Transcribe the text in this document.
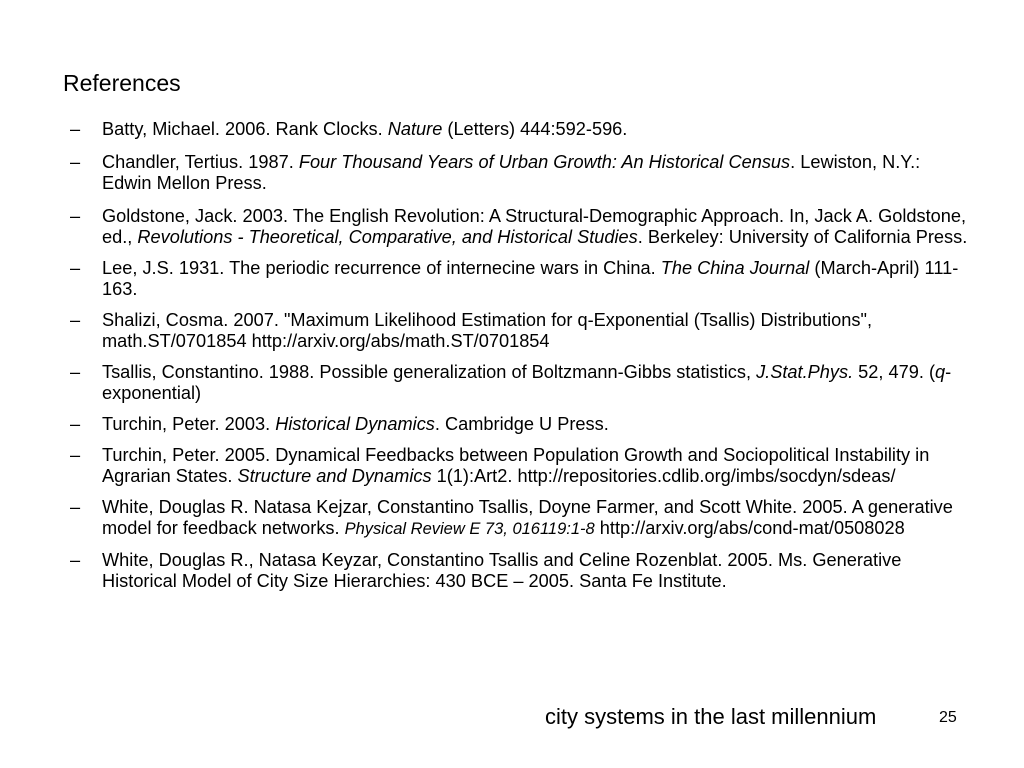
References
– Batty, Michael. 2006. Rank Clocks. Nature (Letters) 444:592-596.
– Chandler, Tertius. 1987. Four Thousand Years of Urban Growth: An Historical Census. Lewiston, N.Y.: Edwin Mellon Press.
– Goldstone, Jack. 2003. The English Revolution: A Structural-Demographic Approach. In, Jack A. Goldstone, ed., Revolutions - Theoretical, Comparative, and Historical Studies. Berkeley: University of California Press.
– Lee, J.S. 1931. The periodic recurrence of internecine wars in China. The China Journal (March-April) 111-163.
– Shalizi, Cosma. 2007. "Maximum Likelihood Estimation for q-Exponential (Tsallis) Distributions", math.ST/0701854 http://arxiv.org/abs/math.ST/0701854
– Tsallis, Constantino. 1988. Possible generalization of Boltzmann-Gibbs statistics, J.Stat.Phys. 52, 479. (q-exponential)
– Turchin, Peter. 2003. Historical Dynamics. Cambridge U Press.
– Turchin, Peter. 2005. Dynamical Feedbacks between Population Growth and Sociopolitical Instability in Agrarian States. Structure and Dynamics 1(1):Art2. http://repositories.cdlib.org/imbs/socdyn/sdeas/
– White, Douglas R. Natasa Kejzar, Constantino Tsallis, Doyne Farmer, and Scott White. 2005. A generative model for feedback networks. Physical Review E 73, 016119:1-8 http://arxiv.org/abs/cond-mat/0508028
– White, Douglas R., Natasa Keyzar, Constantino Tsallis and Celine Rozenblat. 2005. Ms. Generative Historical Model of City Size Hierarchies: 430 BCE – 2005. Santa Fe Institute.
city systems in the last millennium	25
